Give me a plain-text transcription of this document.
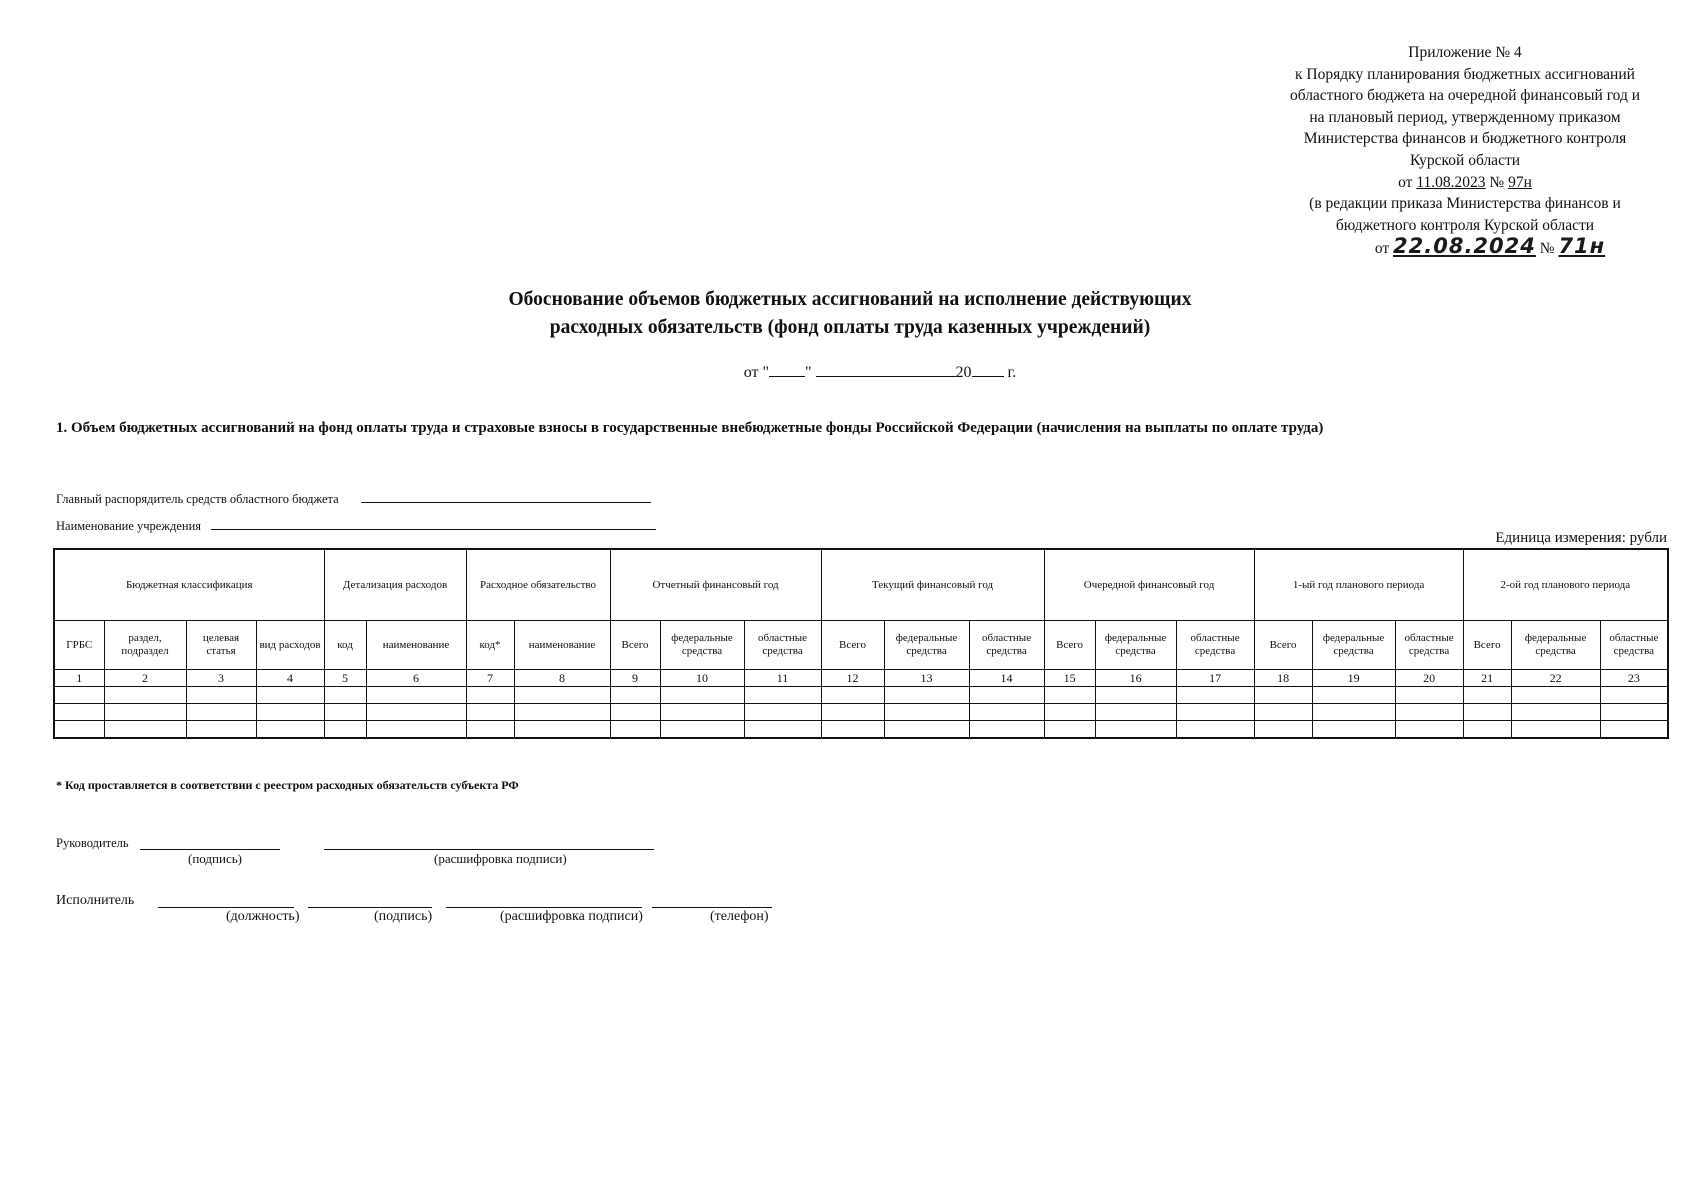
Приложение № 4
к Порядку планирования бюджетных ассигнований
областного бюджета на очередной финансовый год и
на плановый период, утвержденному приказом
Министерства финансов и бюджетного контроля
Курской области
от 11.08.2023 № 97н
(в редакции приказа Министерства финансов и
бюджетного контроля Курской области
от 22.08.2024 № 71н
Обоснование объемов бюджетных ассигнований на исполнение действующих
расходных обязательств (фонд оплаты труда казенных учреждений)
от " "	20 г.
1. Объем бюджетных ассигнований на фонд оплаты труда и страховые взносы в государственные внебюджетные фонды Российской Федерации (начисления на выплаты по оплате труда)
Главный распорядитель средств областного бюджета
Наименование учреждения
Единица измерения: рубли
Бюджетная классификация				Детализация расходов		Расходное обязательство		Отчетный финансовый год			Текущий финансовый год			Очередной финансовый год			1-ый год планового периода			2-ой год планового периода		
ГРБС	раздел, подраздел	целевая статья	вид расходов	код	наименование	код*	наименование	Всего	федеральные средства	областные средства	Всего	федеральные средства	областные средства	Всего	федеральные средства	областные средства	Всего	федеральные средства	областные средства	Всего	федеральные средства	областные средства
1	2	3	4	5	6	7	8	9	10	11	12	13	14	15	16	17	18	19	20	21	22	23

* Код проставляется в соответствии с реестром расходных обязательств субъекта РФ
Руководитель
(подпись)	(расшифровка подписи)
Исполнитель
(должность)	(подпись)	(расшифровка подписи)	(телефон)
